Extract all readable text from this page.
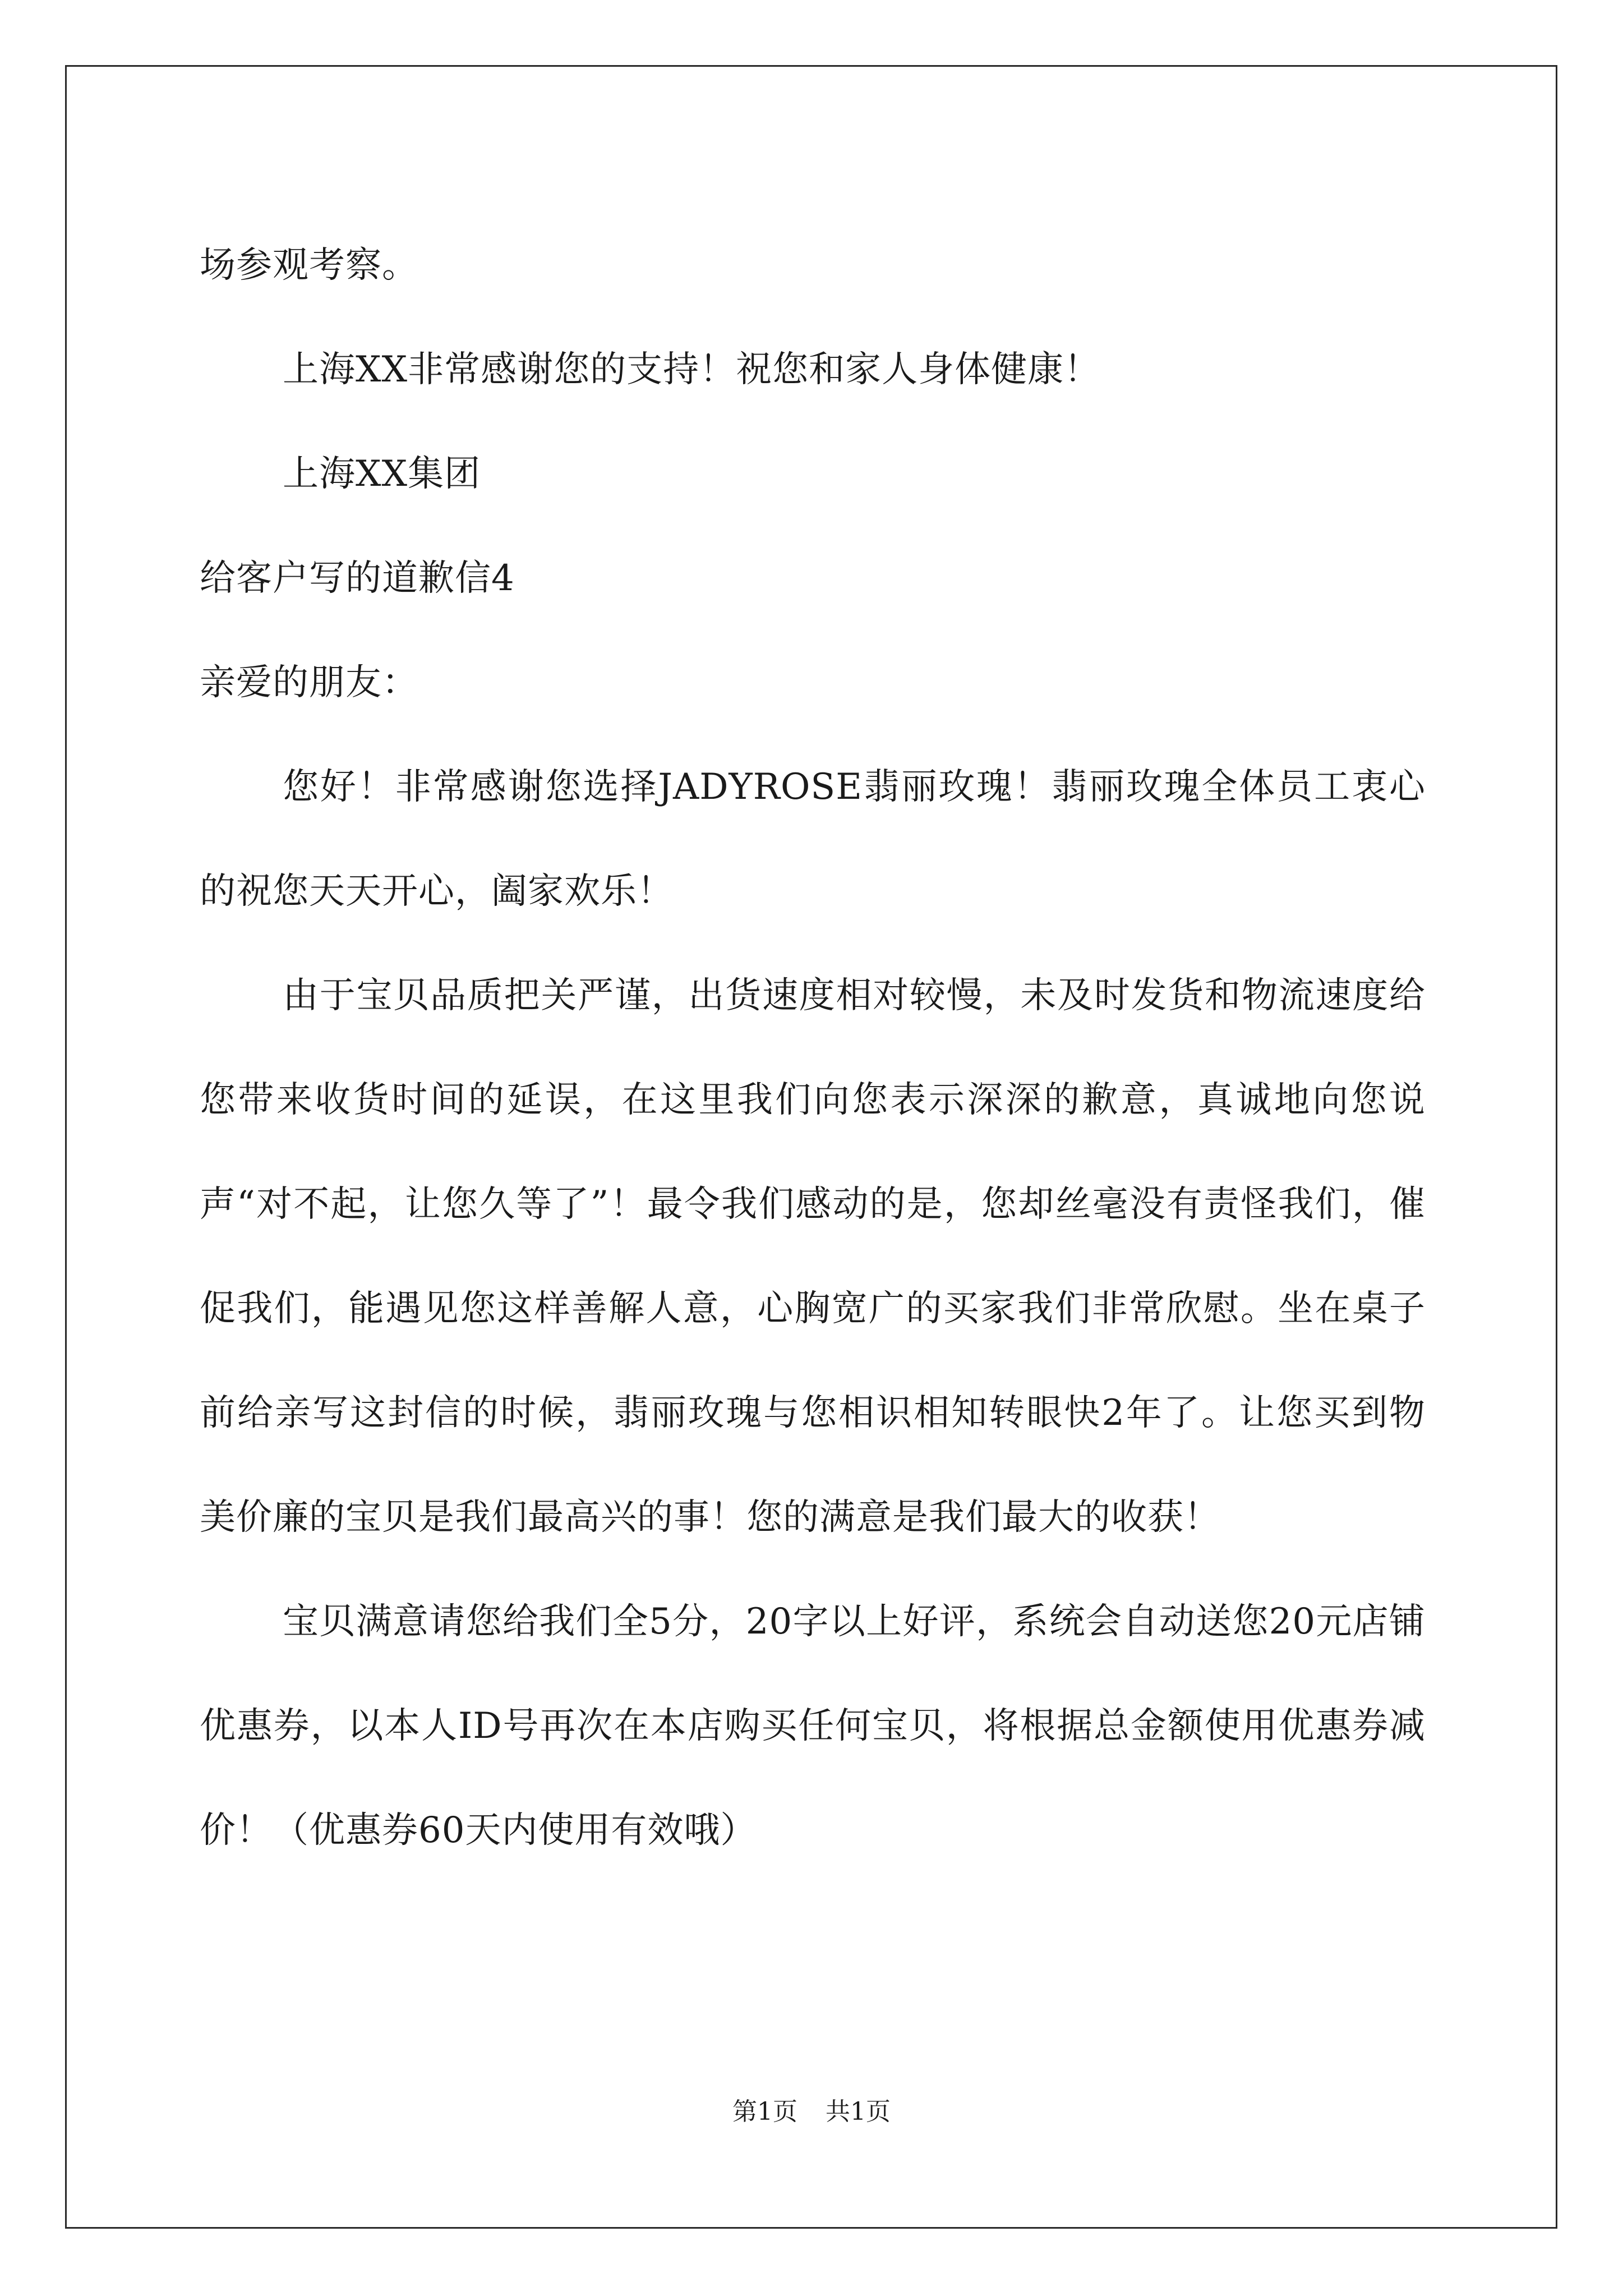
场参观考察。

上海XX非常感谢您的支持！祝您和家人身体健康！

上海XX集团

给客户写的道歉信4

亲爱的朋友：

您好！非常感谢您选择JADYROSE翡丽玫瑰！翡丽玫瑰全体员工衷心的祝您天天开心，阖家欢乐！

由于宝贝品质把关严谨，出货速度相对较慢，未及时发货和物流速度给您带来收货时间的延误，在这里我们向您表示深深的歉意，真诚地向您说声“对不起，让您久等了”！最令我们感动的是，您却丝毫没有责怪我们，催促我们，能遇见您这样善解人意，心胸宽广的买家我们非常欣慰。坐在桌子前给亲写这封信的时候，翡丽玫瑰与您相识相知转眼快2年了。让您买到物美价廉的宝贝是我们最高兴的事！您的满意是我们最大的收获！

宝贝满意请您给我们全5分，20字以上好评，系统会自动送您20元店铺优惠券，以本人ID号再次在本店购买任何宝贝，将根据总金额使用优惠券减价！（优惠券60天内使用有效哦）

第1页 共1页
